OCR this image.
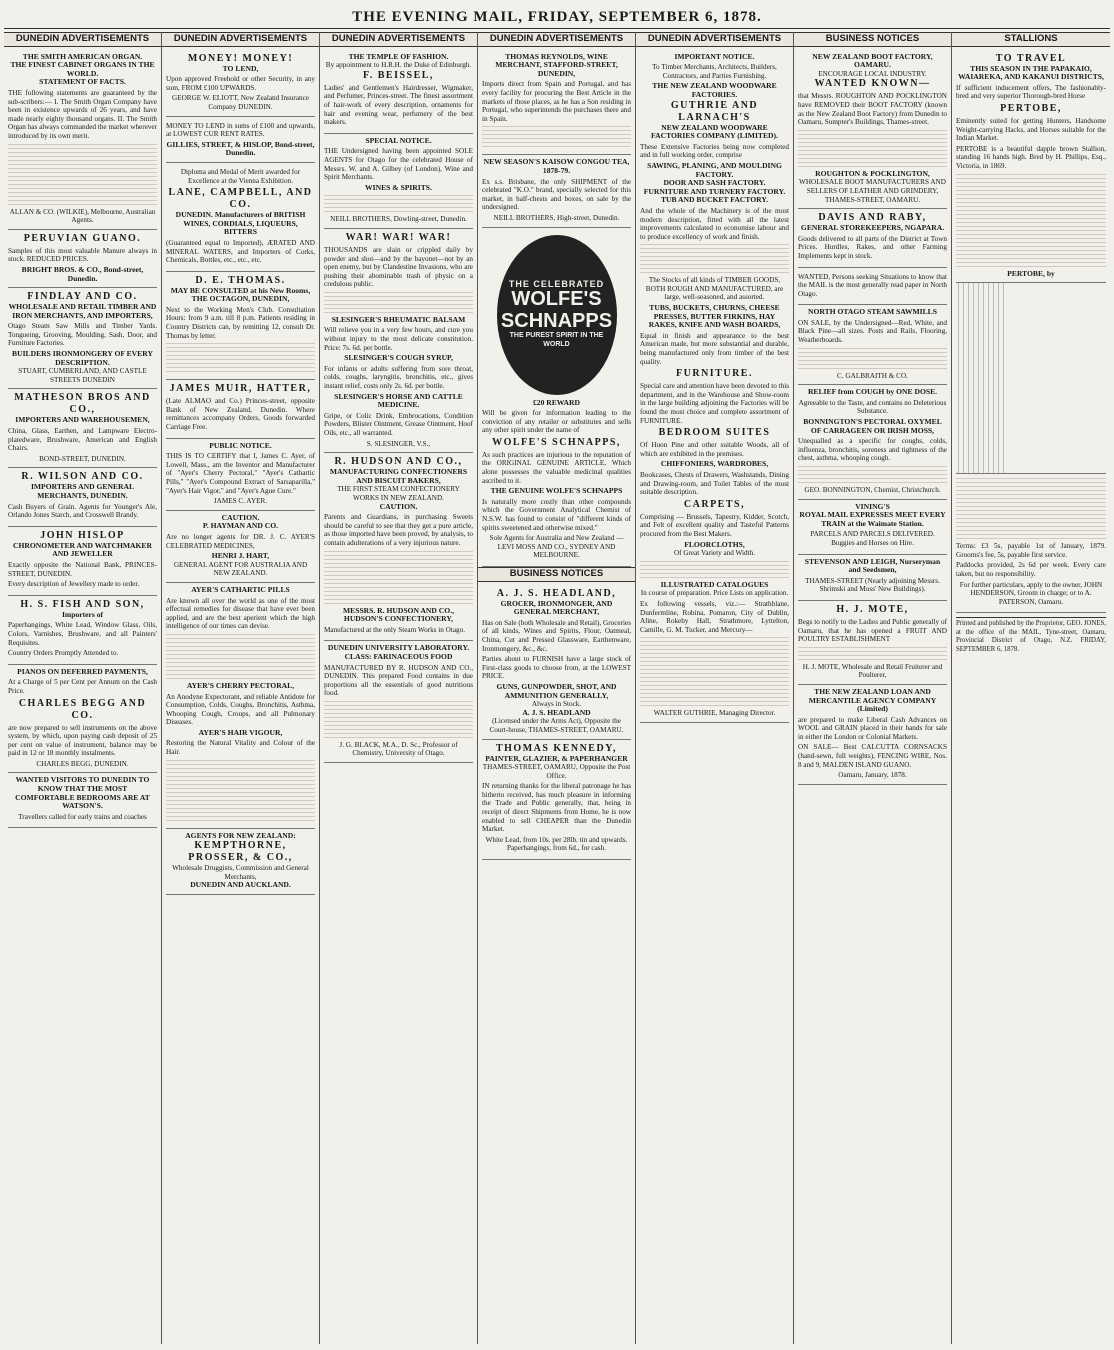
THE EVENING MAIL, FRIDAY, SEPTEMBER 6, 1878.
DUNEDIN ADVERTISEMENTS
THE SMITH AMERICAN ORGAN.
THE FINEST CABINET ORGANS IN THE WORLD.
STATEMENT OF FACTS.

THE following statements are guaranteed by the sub-scribers:— I. The Smith Organ Company have been in existence upwards of 26 years, and have made nearly eighty thousand organs. II. The Smith Organ has always commanded the market wherever introduced by its own merit.

ALLAN & CO. (WILKIE), Melbourne, Australian Agents.
PERUVIAN GUANO.

Samples of this most valuable Manure always in stock. REDUCED PRICES.

BRIGHT BROS. & CO., Bond-street, Dunedin.
FINDLAY AND CO.
WHOLESALE AND RETAIL TIMBER AND IRON MERCHANTS, AND IMPORTERS,

Otago Steam Saw Mills and Timber Yards. Tongueing, Grooving, Moulding, Sash, Door, and Furniture Factories.

BUILDERS IRONMONGERY OF EVERY DESCRIPTION.
STUART, CUMBERLAND, AND CASTLE STREETS DUNEDIN
MATHESON BROS AND CO.,
IMPORTERS AND WAREHOUSEMEN,

China, Glass, Earthen, and Lampware Electro-platedware, Brushware, American and English Chairs.

BOND-STREET, DUNEDIN.
R. WILSON AND CO.
IMPORTERS AND GENERAL MERCHANTS, DUNEDIN.

Cash Buyers of Grain. Agents for Younger's Ale, Orlando Jones Starch, and Crosswell Brandy.

JOHN HISLOP
CHRONOMETER AND WATCHMAKER AND JEWELLER

Exactly opposite the National Bank, PRINCES-STREET, DUNEDIN.

Every description of Jewellery made to order.

H. S. FISH AND SON,
Importers of

Paperhangings, White Lead, Window Glass, Oils, Colors, Varnishes, Brushware, and all Painters' Requisites.

Country Orders Promptly Attended to.

PIANOS ON DEFERRED PAYMENTS,

At a Charge of 5 per Cent per Annum on the Cash Price.

CHARLES BEGG AND CO.

are now prepared to sell instruments on the above system, by which, upon paying cash deposit of 25 per cent on value of instrument, balance may be paid in 12 or 18 monthly instalments.

CHARLES BEGG, DUNEDIN.
WANTED VISITORS TO DUNEDIN TO KNOW THAT THE MOST COMFORTABLE BEDROOMS ARE AT WATSON'S.

Travellers called for early trains and coaches

DUNEDIN ADVERTISEMENTS
MONEY! MONEY!
TO LEND,

Upon approved Freehold or other Security, in any sum, FROM £100 UPWARDS.

GEORGE W. ELIOTT, New Zealand Insurance Company DUNEDIN.

MONEY TO LEND in sums of £100 and upwards, at LOWEST CUR RENT RATES.

GILLIES, STREET, & HISLOP, Bond-street, Dunedin.

Diploma and Medal of Merit awarded for Excellence at the Vienna Exhibition.

LANE, CAMPBELL, AND CO.
DUNEDIN. Manufacturers of BRITISH WINES, CORDIALS, LIQUEURS, BITTERS

(Guaranteed equal to Imported), ÆRATED AND MINERAL WATERS, and Importers of Corks, Chemicals, Bottles, etc., etc., etc.

D. E. THOMAS.
MAY BE CONSULTED at his New Rooms, THE OCTAGON, DUNEDIN,

Next to the Working Men's Club. Consultation Hours: from 9 a.m. till 8 p.m. Patients residing in Country Districts can, by remitting 12, consult Dr. Thomas by letter.

JAMES MUIR, HATTER,

(Late ALMAO and Co.) Princes-street, opposite Bank of New Zealand, Dunedin. Where remittances accompany Orders, Goods forwarded Carriage Free.

PUBLIC NOTICE.

THIS IS TO CERTIFY that I, James C. Ayer, of Lowell, Mass., am the Inventor and Manufacturer of "Ayer's Cherry Pectoral," "Ayer's Cathartic Pills," "Ayer's Compound Extract of Sarsaparilla," "Ayer's Hair Vigor," and "Ayer's Ague Cure."

JAMES C. AYER.
CAUTION.
P. HAYMAN AND CO.

Are no longer agents for DR. J. C. AYER'S CELEBRATED MEDICINES,

HENRI J. HART,
GENERAL AGENT FOR AUSTRALIA AND NEW ZEALAND.
AYER'S CATHARTIC PILLS

Are known all over the world as one of the most effectual remedies for disease that have ever been applied, and are the best aperient which the high intelligence of our times can devise.

AYER'S CHERRY PECTORAL,

An Anodyne Expectorant, and reliable Antidote for Consumption, Colds, Coughs, Bronchitis, Asthma, Whooping Cough, Croups, and all Pulmonary Diseases.

AYER'S HAIR VIGOUR,

Restoring the Natural Vitality and Colour of the Hair.

AGENTS FOR NEW ZEALAND:
KEMPTHORNE, PROSSER, & CO.,
Wholesale Druggists, Commission and General Merchants,
DUNEDIN AND AUCKLAND.
DUNEDIN ADVERTISEMENTS
THE TEMPLE OF FASHION.
By appointment to H.R.H. the Duke of Edinburgh.
F. BEISSEL,

Ladies' and Gentlemen's Hairdresser, Wigmaker, and Perfumer, Princes-street. The finest assortment of hair-work of every description, ornaments for hair and evening wear, perfumery of the best makers.

SPECIAL NOTICE.

THE Undersigned having been appointed SOLE AGENTS for Otago for the celebrated House of Messrs. W. and A. Gilbey (of London), Wine and Spirit Merchants.

WINES & SPIRITS.
NEILL BROTHERS, Dowling-street, Dunedin.
WAR! WAR! WAR!

THOUSANDS are slain or crippled daily by powder and shot—and by the bayonet—not by an open enemy, but by Clandestine Invasions, who are pushing their abominable trash of physic on a credulous public.

SLESINGER'S RHEUMATIC BALSAM

Will relieve you in a very few hours, and cure you without injury to the most delicate constitution. Price: 7s. 6d. per bottle.

SLESINGER'S COUGH SYRUP,

For infants or adults suffering from sore throat, colds, coughs, laryngitis, bronchitis, etc., gives instant relief, costs only 2s. 6d. per bottle.

SLESINGER'S HORSE AND CATTLE MEDICINE.

Gripe, or Colic Drink, Embrocations, Condition Powders, Blister Ointment, Grease Ointment, Hoof Oils, etc., all warranted.

S. SLESINGER, V.S.,
R. HUDSON AND CO.,
MANUFACTURING CONFECTIONERS AND BISCUIT BAKERS,
THE FIRST STEAM CONFECTIONERY WORKS IN NEW ZEALAND.
CAUTION.

Parents and Guardians, in purchasing Sweets should be careful to see that they get a pure article, as those imported have been proved, by analysis, to contain adulterations of a very injurious nature.

MESSRS. R. HUDSON AND CO.,
HUDSON'S CONFECTIONERY,

Manufactured at the only Steam Works in Otago.

DUNEDIN UNIVERSITY LABORATORY.
CLASS: FARINACEOUS FOOD

MANUFACTURED BY R. HUDSON AND CO., DUNEDIN. This prepared Food contains in due proportions all the essentials of good nutritious food.

J. G. BLACK, M.A., D. Sc., Professor of Chemistry, University of Otago.
DUNEDIN ADVERTISEMENTS
THOMAS REYNOLDS, WINE MERCHANT, STAFFORD-STREET, DUNEDIN,

Imports direct from Spain and Portugal, and has every facility for procuring the Best Article in the markets of those places, as he has a Son residing in Portugal, who superintends the purchases there and in Spain.

NEW SEASON'S KAISOW CONGOU TEA, 1878-79.

Ex s.s. Brisbane, the only SHIPMENT of the celebrated "K.O." brand, specially selected for this market, in half-chests and boxes, on sale by the undersigned.

NEILL BROTHERS, High-street, Dunedin.
THE CELEBRATED
WOLFE'S SCHNAPPS
THE PUREST SPIRIT IN THE WORLD
£20 REWARD

Will be given for information leading to the conviction of any retailer or substitutes and sells any other spirit under the name of

WOLFE'S SCHNAPPS,

As such practices are injurious to the reputation of the ORIGINAL GENUINE ARTICLE, Which alone possesses the valuable medicinal qualities ascribed to it.

THE GENUINE WOLFE'S SCHNAPPS

Is naturally more costly than other compounds which the Government Analytical Chemist of N.S.W. has found to consist of "different kinds of spirits sweetened and otherwise mixed."

Sole Agents for Australia and New Zealand — LEVI MOSS AND CO., SYDNEY AND MELBOURNE.

BUSINESS NOTICES
A. J. S. HEADLAND,
GROCER, IRONMONGER, AND GENERAL MERCHANT,

Has on Sale (both Wholesale and Retail), Groceries of all kinds, Wines and Spirits, Flour, Oatmeal, China, Cut and Pressed Glassware, Earthenware, Ironmongery, &c., &c.

Parties about to FURNISH have a large stock of First-class goods to choose from, at the LOWEST PRICE.

GUNS, GUNPOWDER, SHOT, AND AMMUNITION GENERALLY,
Always in Stock.
A. J. S. HEADLAND
(Licensed under the Arms Act), Opposite the Court-house, THAMES-STREET, OAMARU.
THOMAS KENNEDY,
PAINTER, GLAZIER, & PAPERHANGER
THAMES-STREET, OAMARU, Opposite the Post Office.

IN returning thanks for the liberal patronage he has hitherto received, has much pleasure in informing the Trade and Public generally, that, being in receipt of direct Shipments from Home, he is now enabled to sell CHEAPER than the Dunedin Market.

White Lead, from 10s. per 28lb. tin and upwards. Paperhangings, from 6d., for cash.

DUNEDIN ADVERTISEMENTS
IMPORTANT NOTICE.

To Timber Merchants, Architects, Builders, Contractors, and Parties Furnishing.

THE NEW ZEALAND WOODWARE FACTORIES.
GUTHRIE AND LARNACH'S
NEW ZEALAND WOODWARE FACTORIES COMPANY (LIMITED).

These Extensive Factories being now completed and in full working order, comprise

SAWING, PLANING, AND MOULDING FACTORY.
DOOR AND SASH FACTORY.
FURNITURE AND TURNERY FACTORY.
TUB AND BUCKET FACTORY.

And the whole of the Machinery is of the most modern description, fitted with all the latest improvements calculated to economise labour and to produce excellency of work and finish.

The Stocks of all kinds of TIMBER GOODS, BOTH ROUGH AND MANUFACTURED, are large, well-seasoned, and assorted.

TUBS, BUCKETS, CHURNS, CHEESE PRESSES, BUTTER FIRKINS, HAY RAKES, KNIFE AND WASH BOARDS,

Equal in finish and appearance to the best American made, but more substantial and durable, being manufactured only from timber of the best quality.

FURNITURE.

Special care and attention have been devoted to this department, and in the Warehouse and Show-room in the large building adjoining the Factories will be found the most choice and complete assortment of FURNITURE.

BEDROOM SUITES

Of Huon Pine and other suitable Woods, all of which are exhibited in the premises.

CHIFFONIERS, WARDROBES,

Bookcases, Chests of Drawers, Washstands, Dining and Drawing-room, and Toilet Tables of the most suitable description.

CARPETS,

Comprising — Brussels, Tapestry, Kidder, Scotch, and Felt of excellent quality and Tasteful Patterns procured from the Best Makers.

FLOORCLOTHS,
Of Great Variety and Width.
ILLUSTRATED CATALOGUES
In course of preparation. Price Lists on application.

Ex following vessels, viz.:— Strathblane, Dunfermline, Robina, Pomaron, City of Dublin, Aline, Rokeby Hall, Strathmore, Lyttelton, Camille, G. M. Tucker, and Mercury—

WALTER GUTHRIE, Managing Director.
BUSINESS NOTICES
NEW ZEALAND BOOT FACTORY, OAMARU.
ENCOURAGE LOCAL INDUSTRY.
WANTED KNOWN—

that Messrs. ROUGHTON AND POCKLINGTON have REMOVED their BOOT FACTORY (known as the New Zealand Boot Factory) from Dunedin to Oamaru, Sumpter's Buildings, Thames-street.

ROUGHTON & POCKLINGTON,
WHOLESALE BOOT MANUFACTURERS AND SELLERS OF LEATHER AND GRINDERY, THAMES-STREET, OAMARU.
DAVIS AND RABY,
GENERAL STOREKEEPERS, NGAPARA.

Goods delivered to all parts of the District at Town Prices. Hurdles, Rakes, and other Farming Implements kept in stock.

WANTED, Persons seeking Situations to know that the MAIL is the most generally read paper in North Otago.

NORTH OTAGO STEAM SAWMILLS

ON SALE, by the Undersigned—Red, White, and Black Pine—all sizes. Posts and Rails, Flooring, Weatherboards.

C. GALBRAITH & CO.
RELIEF from COUGH by ONE DOSE.

Agreeable to the Taste, and contains no Deleterious Substance.

BONNINGTON'S PECTORAL OXYMEL OF CARRAGEEN OR IRISH MOSS,

Unequalled as a specific for coughs, colds, influenza, bronchitis, soreness and tightness of the chest, asthma, whooping cough.

GEO. BONNINGTON, Chemist, Christchurch.
VINING'S
ROYAL MAIL EXPRESSES MEET EVERY TRAIN at the Waimate Station.

PARCELS AND PARCELS DELIVERED. Buggies and Horses on Hire.

STEVENSON AND LEIGH, Nurseryman and Seedsmen,

THAMES-STREET (Nearly adjoining Messrs. Shrimski and Moss' New Buildings).

H. J. MOTE,

Begs to notify to the Ladies and Public generally of Oamaru, that he has opened a FRUIT AND POULTRY ESTABLISHMENT

H. J. MOTE, Wholesale and Retail Fruiterer and Poulterer,
THE NEW ZEALAND LOAN AND MERCANTILE AGENCY COMPANY (Limited)

are prepared to make Liberal Cash Advances on WOOL and GRAIN placed in their hands for sale in either the London or Colonial Markets.

ON SALE— Best CALCUTTA CORNSACKS (hand-sewn, full weights), FENCING WIRE, Nos. 8 and 9, MALDEN ISLAND GUANO.

Oamaru, January, 1878.
STALLIONS
TO TRAVEL
THIS SEASON IN THE PAPAKAIO, WAIAREKA, AND KAKANUI DISTRICTS,

If sufficient inducement offers, The fashionably-bred and very superior Thorough-bred Horse

PERTOBE,

Eminently suited for getting Hunters, Handsome Weight-carrying Hacks, and Horses suitable for the Indian Market.

PERTOBE is a beautiful dapple brown Stallion, standing 16 hands high. Bred by H. Phillips, Esq., Victoria, in 1869.

PERTOBE, by

Terms: £3 5s, payable 1st of January, 1879. Grooms's fee, 5s, payable first service.

Paddocks provided, 2s 6d per week. Every care taken, but no responsibility.

For further particulars, apply to the owner, JOHN HENDERSON, Groom in charge; or to A. PATERSON, Oamaru.

Printed and published by the Proprietor, GEO. JONES, at the office of the MAIL, Tyne-street, Oamaru, Provincial District of Otago, N.Z. FRIDAY, SEPTEMBER 6, 1878.
